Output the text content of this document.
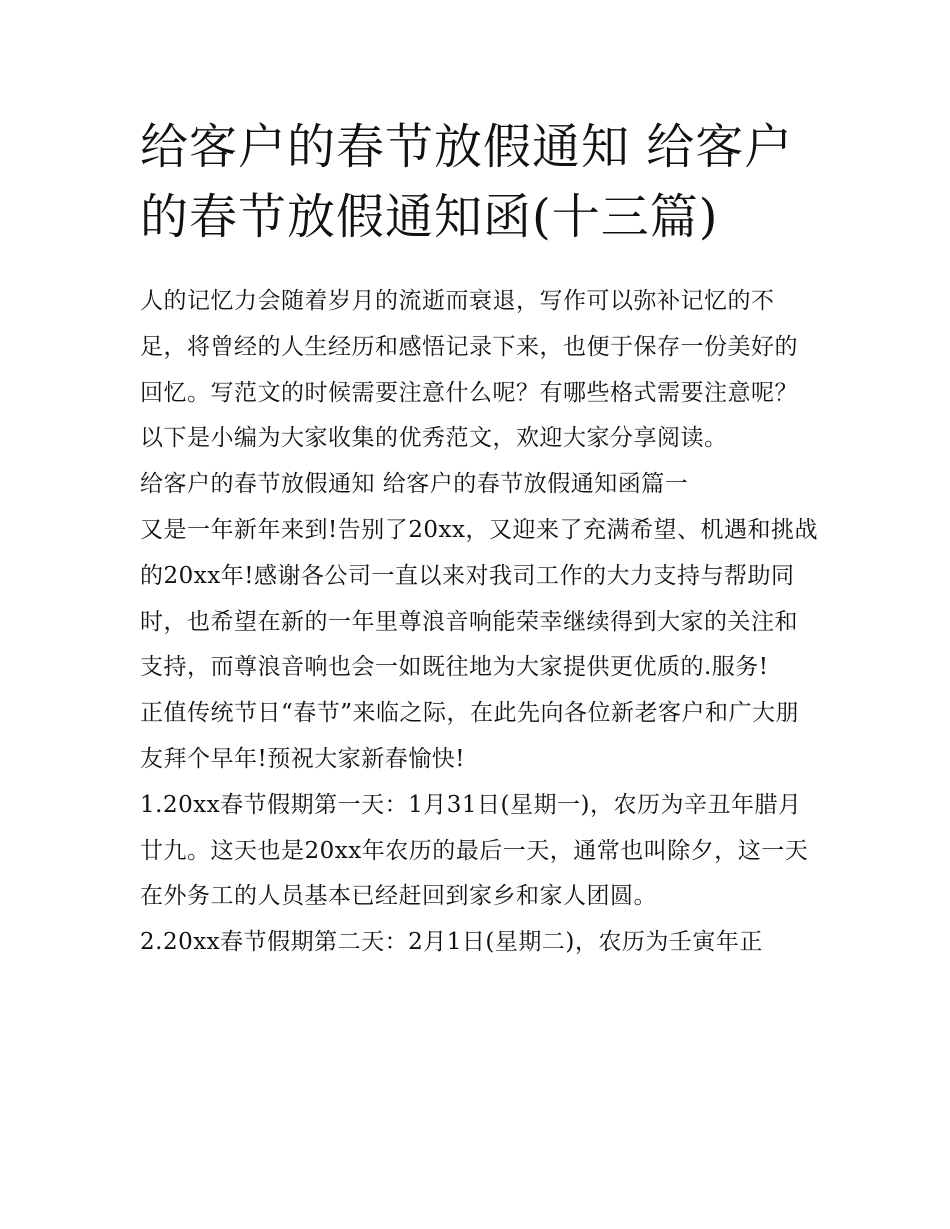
给客户的春节放假通知 给客户的春节放假通知函(十三篇)

人的记忆力会随着岁月的流逝而衰退，写作可以弥补记忆的不足，将曾经的人生经历和感悟记录下来，也便于保存一份美好的回忆。写范文的时候需要注意什么呢？有哪些格式需要注意呢？以下是小编为大家收集的优秀范文，欢迎大家分享阅读。

给客户的春节放假通知 给客户的春节放假通知函篇一

又是一年新年来到!告别了20xx，又迎来了充满希望、机遇和挑战的20xx年!感谢各公司一直以来对我司工作的大力支持与帮助同时，也希望在新的一年里尊浪音响能荣幸继续得到大家的关注和支持，而尊浪音响也会一如既往地为大家提供更优质的.服务!

正值传统节日“春节”来临之际，在此先向各位新老客户和广大朋友拜个早年!预祝大家新春愉快!

1.20xx春节假期第一天：1月31日(星期一)，农历为辛丑年腊月廿九。这天也是20xx年农历的最后一天，通常也叫除夕，这一天在外务工的人员基本已经赶回到家乡和家人团圆。

2.20xx春节假期第二天：2月1日(星期二)，农历为壬寅年正
